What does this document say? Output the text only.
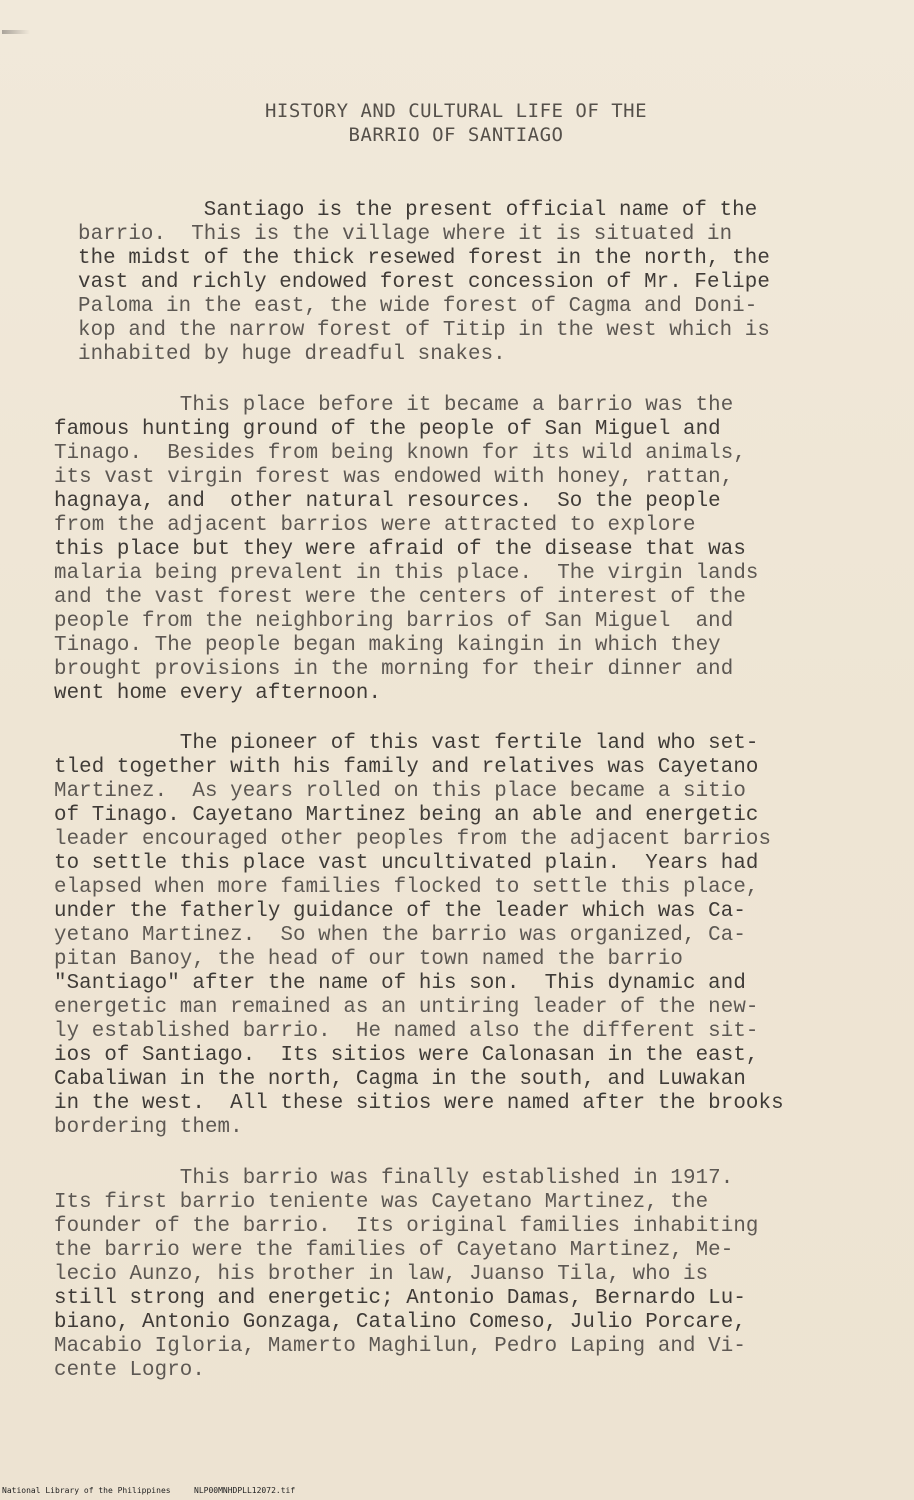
HISTORY AND CULTURAL LIFE OF THE
BARRIO OF SANTIAGO
Santiago is the present official name of the
barrio.  This is the village where it is situated in
the midst of the thick resewed forest in the north, the
vast and richly endowed forest concession of Mr. Felipe
Paloma in the east, the wide forest of Cagma and Doni-
kop and the narrow forest of Titip in the west which is
inhabited by huge dreadful snakes.
This place before it became a barrio was the
famous hunting ground of the people of San Miguel and
Tinago.  Besides from being known for its wild animals,
its vast virgin forest was endowed with honey, rattan,
hagnaya, and  other natural resources.  So the people
from the adjacent barrios were attracted to explore
this place but they were afraid of the disease that was
malaria being prevalent in this place.  The virgin lands
and the vast forest were the centers of interest of the
people from the neighboring barrios of San Miguel  and
Tinago. The people began making kaingin in which they
brought provisions in the morning for their dinner and
went home every afternoon.
The pioneer of this vast fertile land who set-
tled together with his family and relatives was Cayetano
Martinez.  As years rolled on this place became a sitio
of Tinago. Cayetano Martinez being an able and energetic
leader encouraged other peoples from the adjacent barrios
to settle this place vast uncultivated plain.  Years had
elapsed when more families flocked to settle this place,
under the fatherly guidance of the leader which was Ca-
yetano Martinez.  So when the barrio was organized, Ca-
pitan Banoy, the head of our town named the barrio
"Santiago" after the name of his son.  This dynamic and
energetic man remained as an untiring leader of the new-
ly established barrio.  He named also the different sit-
ios of Santiago.  Its sitios were Calonasan in the east,
Cabaliwan in the north, Cagma in the south, and Luwakan
in the west.  All these sitios were named after the brooks
bordering them.
This barrio was finally established in 1917.
Its first barrio teniente was Cayetano Martinez, the
founder of the barrio.  Its original families inhabiting
the barrio were the families of Cayetano Martinez, Me-
lecio Aunzo, his brother in law, Juanso Tila, who is
still strong and energetic; Antonio Damas, Bernardo Lu-
biano, Antonio Gonzaga, Catalino Comeso, Julio Porcare,
Macabio Igloria, Mamerto Maghilun, Pedro Laping and Vi-
cente Logro.
National Library of the Philippines	NLP00MNHDPLL12072.tif
